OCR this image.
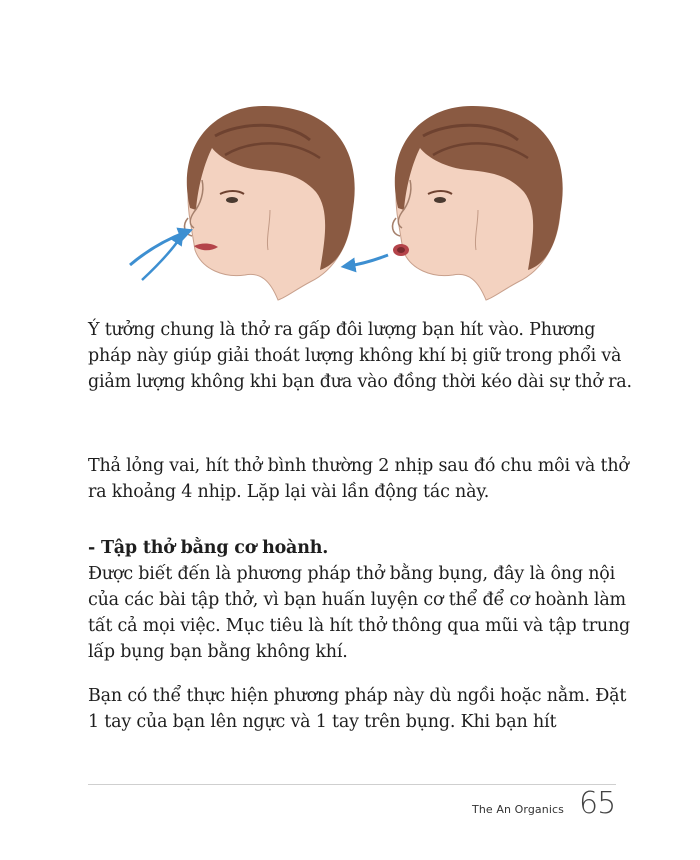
Ý tưởng chung là thở ra gấp đôi lượng bạn hít vào. Phương pháp này giúp giải thoát lượng không khí bị giữ trong phổi và giảm lượng không khi bạn đưa vào đồng thời kéo dài sự thở ra.
Thả lỏng vai, hít thở bình thường 2 nhịp sau đó chu môi và thở ra khoảng 4 nhịp. Lặp lại vài lần động tác này.
- Tập thở bằng cơ hoành.
Được biết đến là phương pháp thở bằng bụng, đây là ông nội của các bài tập thở, vì bạn huấn luyện cơ thể để cơ hoành làm tất cả mọi việc. Mục tiêu là hít thở thông qua mũi và tập trung lấp bụng bạn bằng không khí.
Bạn có thể thực hiện phương pháp này dù ngồi hoặc nằm. Đặt 1 tay của bạn lên ngực và 1 tay trên bụng. Khi bạn hít
The An Organics 65
